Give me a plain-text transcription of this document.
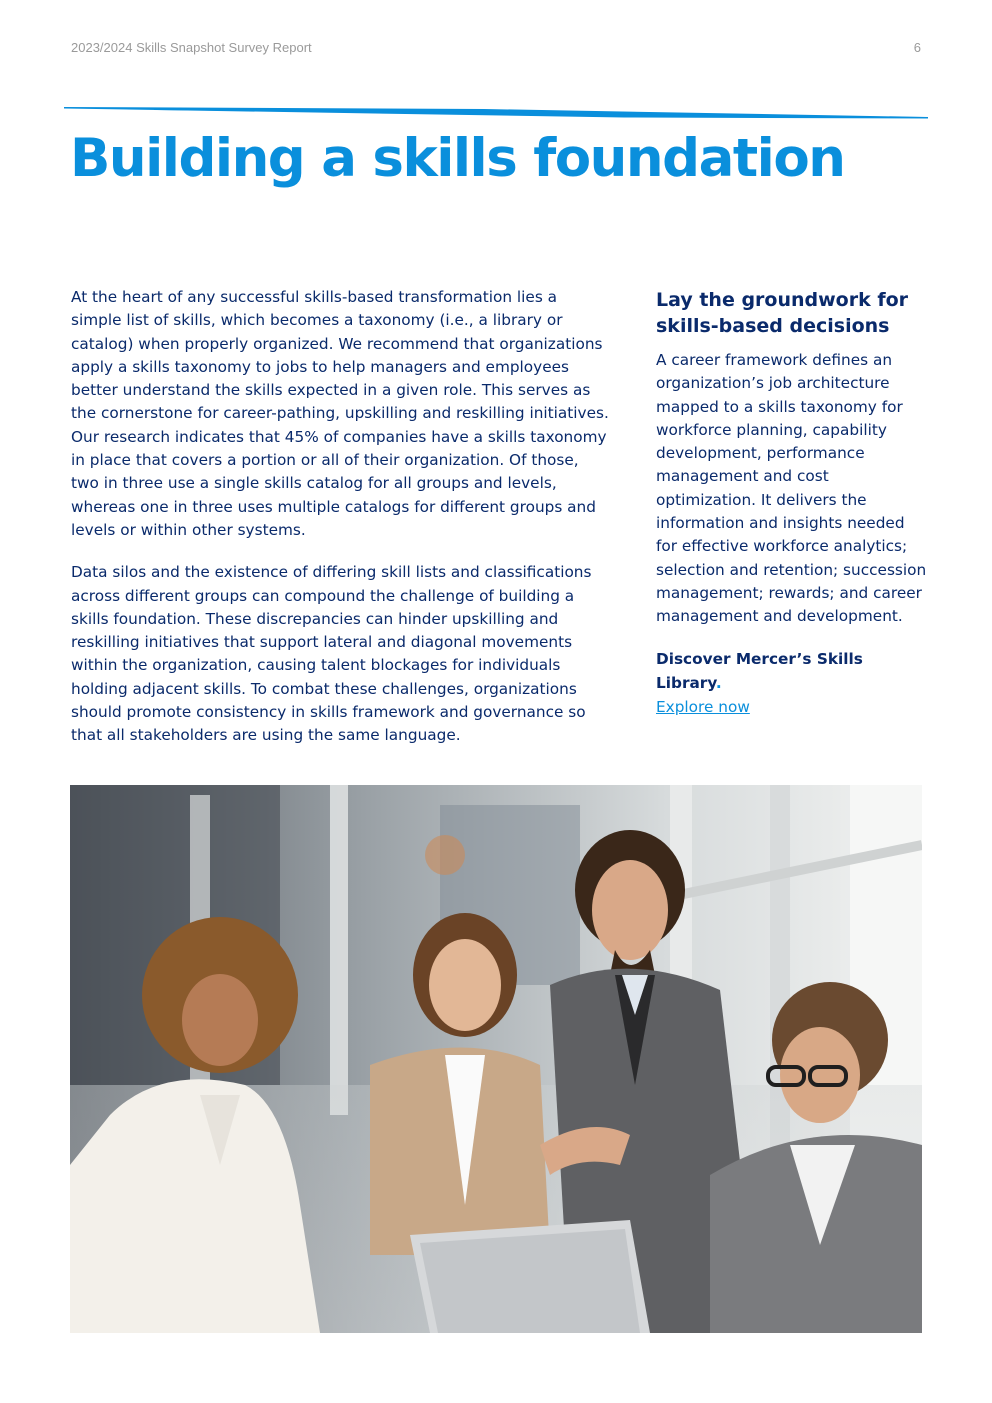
2023/2024 Skills Snapshot Survey Report	6
Building a skills foundation

At the heart of any successful skills-based transformation lies a simple list of skills, which becomes a taxonomy (i.e., a library or catalog) when properly organized. We recommend that organizations apply a skills taxonomy to jobs to help managers and employees better understand the skills expected in a given role. This serves as the cornerstone for career-pathing, upskilling and reskilling initiatives. Our research indicates that 45% of companies have a skills taxonomy in place that covers a portion or all of their organization. Of those, two in three use a single skills catalog for all groups and levels, whereas one in three uses multiple catalogs for different groups and levels or within other systems.

Data silos and the existence of differing skill lists and classifications across different groups can compound the challenge of building a skills foundation. These discrepancies can hinder upskilling and reskilling initiatives that support lateral and diagonal movements within the organization, causing talent blockages for individuals holding adjacent skills. To combat these challenges, organizations should promote consistency in skills framework and governance so that all stakeholders are using the same language.

Lay the groundwork for skills-based decisions

A career framework defines an organization’s job architecture mapped to a skills taxonomy for workforce planning, capability development, performance management and cost optimization. It delivers the information and insights needed for effective workforce analytics; selection and retention; succession management; rewards; and career management and development.

Discover Mercer’s Skills Library.
Explore now
